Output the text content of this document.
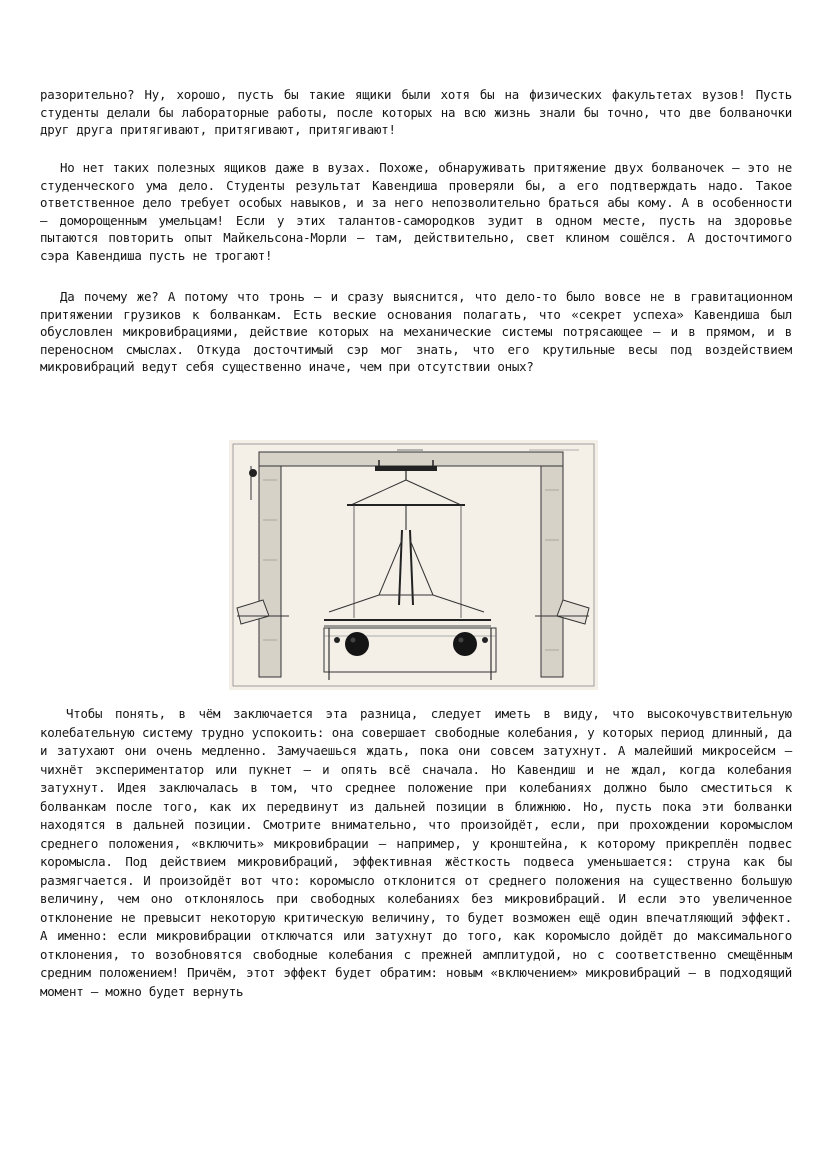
разорительно? Ну, хорошо, пусть бы такие ящики были хотя бы на физических факультетах вузов! Пусть студенты делали бы лабораторные работы, после которых на всю жизнь знали бы точно, что две болваночки друг друга притягивают, притягивают, притягивают!

Но нет таких полезных ящиков даже в вузах. Похоже, обнаруживать притяжение двух болваночек – это не студенческого ума дело. Студенты результат Кавендиша проверяли бы, а его подтверждать надо. Такое ответственное дело требует особых навыков, и за него непозволительно браться абы кому. А в особенности – доморощенным умельцам! Если у этих талантов-самородков зудит в одном месте, пусть на здоровье пытаются повторить опыт Майкельсона-Морли – там, действительно, свет клином сошёлся. А досточтимого сэра Кавендиша пусть не трогают!

Да почему же? А потому что тронь – и сразу выяснится, что дело-то было вовсе не в гравитационном притяжении грузиков к болванкам. Есть веские основания полагать, что «секрет успеха» Кавендиша был обусловлен микровибрациями, действие которых на механические системы потрясающее – и в прямом, и в переносном смыслах. Откуда досточтимый сэр мог знать, что его крутильные весы под воздействием микровибраций ведут себя существенно иначе, чем при отсутствии оных?

Чтобы понять, в чём заключается эта разница, следует иметь в виду, что высокочувствительную колебательную систему трудно успокоить: она совершает свободные колебания, у которых период длинный, да и затухают они очень медленно. Замучаешься ждать, пока они совсем затухнут. А малейший микросейсм – чихнёт экспериментатор или пукнет – и опять всё сначала. Но Кавендиш и не ждал, когда колебания затухнут. Идея заключалась в том, что среднее положение при колебаниях должно было сместиться к болванкам после того, как их передвинут из дальней позиции в ближнюю. Но, пусть пока эти болванки находятся в дальней позиции. Смотрите внимательно, что произойдёт, если, при прохождении коромыслом среднего положения, «включить» микровибрации – например, у кронштейна, к которому прикреплён подвес коромысла. Под действием микровибраций, эффективная жёсткость подвеса уменьшается: струна как бы размягчается. И произойдёт вот что: коромысло отклонится от среднего положения на существенно большую величину, чем оно отклонялось при свободных колебаниях без микровибраций. И если это увеличенное отклонение не превысит некоторую критическую величину, то будет возможен ещё один впечатляющий эффект. А именно: если микровибрации отключатся или затухнут до того, как коромысло дойдёт до максимального отклонения, то возобновятся свободные колебания с прежней амплитудой, но с соответственно смещённым средним положением! Причём, этот эффект будет обратим: новым «включением» микровибраций – в подходящий момент – можно будет вернуть
